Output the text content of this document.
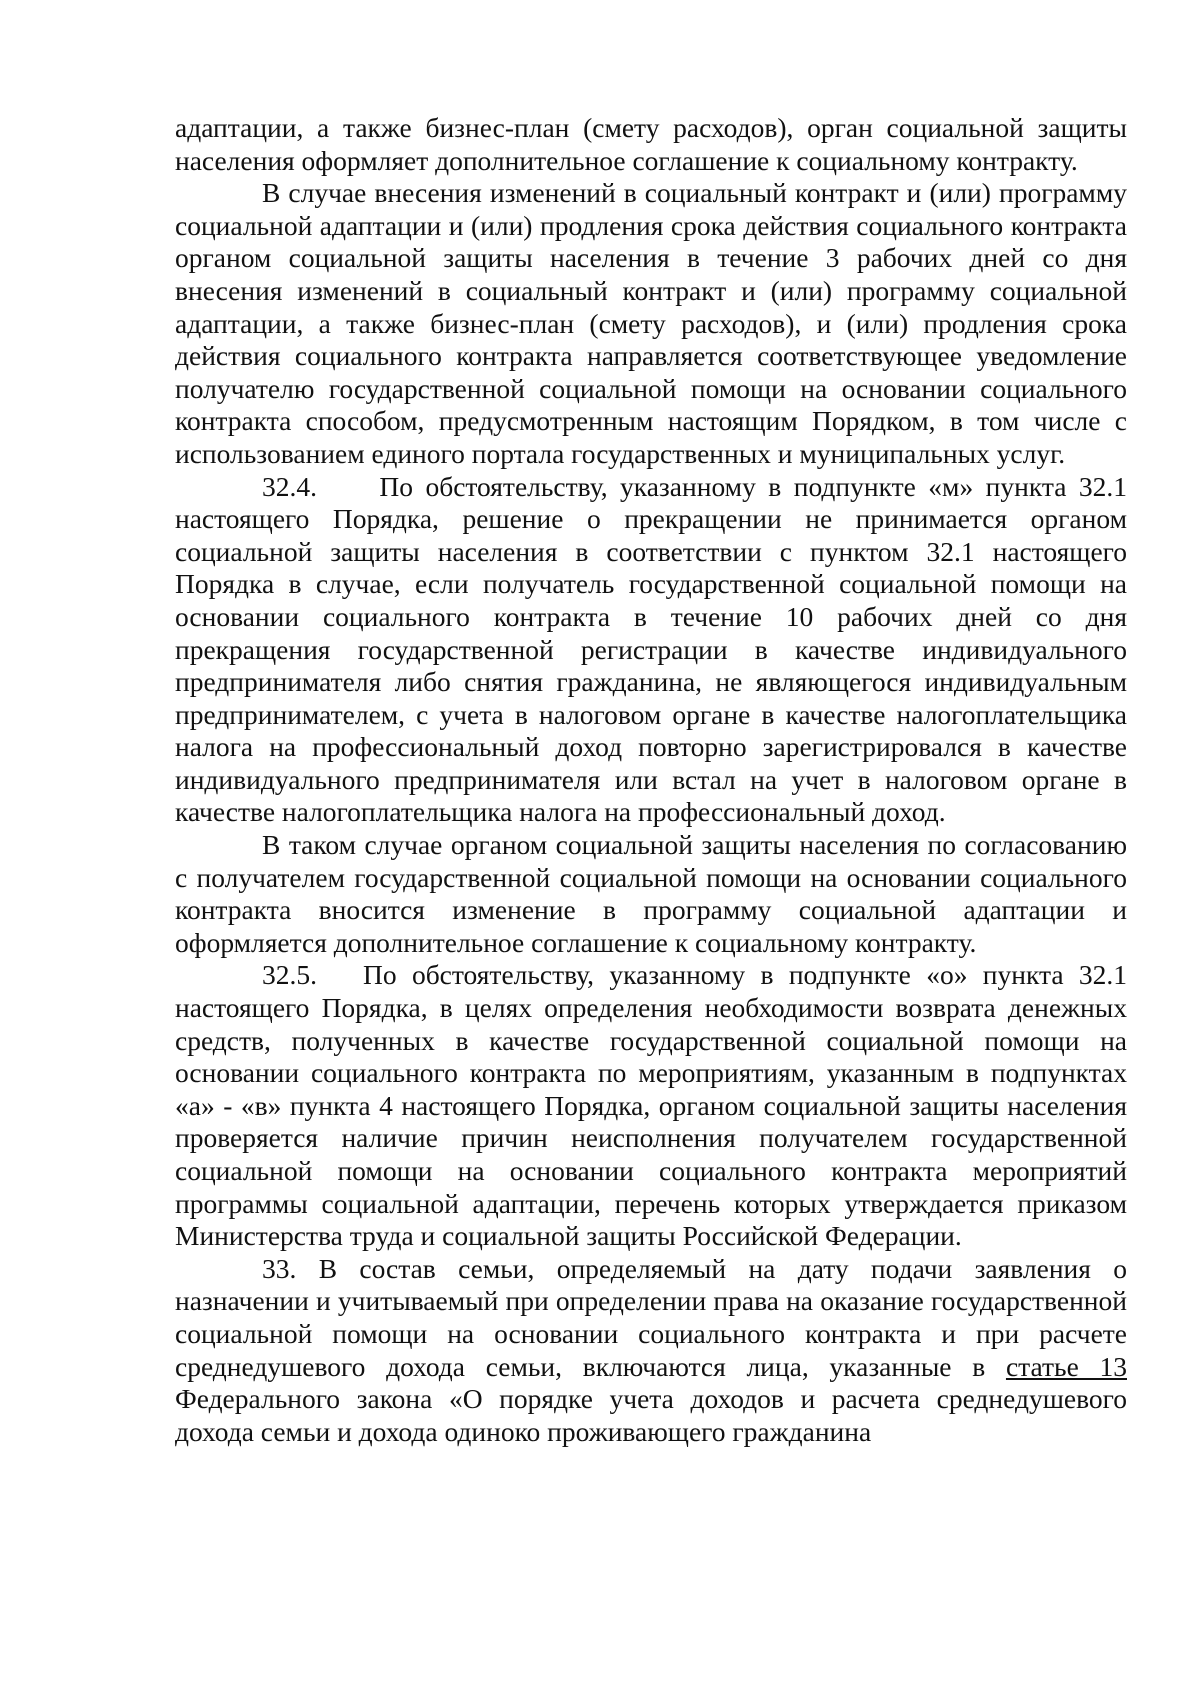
адаптации, а также бизнес-план (смету расходов), орган социальной защиты населения оформляет дополнительное соглашение к социальному контракту.

В случае внесения изменений в социальный контракт и (или) программу социальной адаптации и (или) продления срока действия социального контракта органом социальной защиты населения в течение 3 рабочих дней со дня внесения изменений в социальный контракт и (или) программу социальной адаптации, а также бизнес-план (смету расходов), и (или) продления срока действия социального контракта направляется соответствующее уведомление получателю государственной социальной помощи на основании социального контракта способом, предусмотренным настоящим Порядком, в том числе с использованием единого портала государственных и муниципальных услуг.

32.4. По обстоятельству, указанному в подпункте «м» пункта 32.1 настоящего Порядка, решение о прекращении не принимается органом социальной защиты населения в соответствии с пунктом 32.1 настоящего Порядка в случае, если получатель государственной социальной помощи на основании социального контракта в течение 10 рабочих дней со дня прекращения государственной регистрации в качестве индивидуального предпринимателя либо снятия гражданина, не являющегося индивидуальным предпринимателем, с учета в налоговом органе в качестве налогоплательщика налога на профессиональный доход повторно зарегистрировался в качестве индивидуального предпринимателя или встал на учет в налоговом органе в качестве налогоплательщика налога на профессиональный доход.

В таком случае органом социальной защиты населения по согласованию с получателем государственной социальной помощи на основании социального контракта вносится изменение в программу социальной адаптации и оформляется дополнительное соглашение к социальному контракту.

32.5. По обстоятельству, указанному в подпункте «о» пункта 32.1 настоящего Порядка, в целях определения необходимости возврата денежных средств, полученных в качестве государственной социальной помощи на основании социального контракта по мероприятиям, указанным в подпунктах «а» - «в» пункта 4 настоящего Порядка, органом социальной защиты населения проверяется наличие причин неисполнения получателем государственной социальной помощи на основании социального контракта мероприятий программы социальной адаптации, перечень которых утверждается приказом Министерства труда и социальной защиты Российской Федерации.

33. В состав семьи, определяемый на дату подачи заявления о назначении и учитываемый при определении права на оказание государственной социальной помощи на основании социального контракта и при расчете среднедушевого дохода семьи, включаются лица, указанные в статье 13 Федерального закона «О порядке учета доходов и расчета среднедушевого дохода семьи и дохода одиноко проживающего гражданина
